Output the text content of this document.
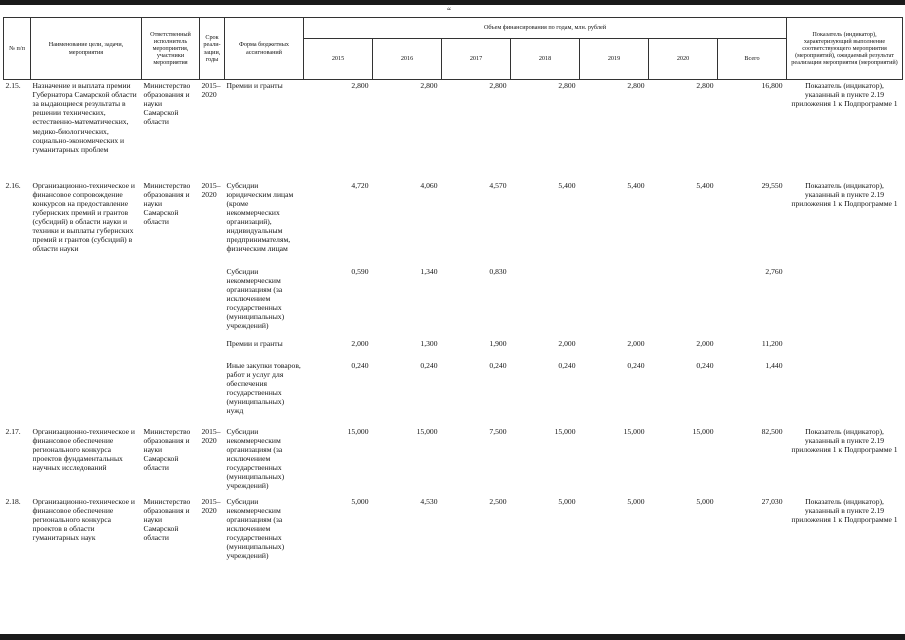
“
№ п/п	Наименование цели, задачи, мероприятия	Ответственный исполнитель мероприятия, участники мероприятия	Срок реали-зации, годы	Форма бюджетных ассигнований	Объем финансирования по годам, млн. рублей							Показатель (индикатор), характеризующий выполнение соответствующего мероприятия (мероприятий), ожидаемый результат реализации мероприятия (мероприятий)
					2015	2016	2017	2018	2019	2020	Всего	
2.15.	Назначение и выплата премии Губернатора Самарской области за выдающиеся результаты в решении технических, естественно-математических, медико-биологических, социально-экономических и гуманитарных проблем	Министерство образования и науки Самарской области	2015–2020	Премии и гранты	2,800	2,800	2,800	2,800	2,800	2,800	16,800	Показатель (индикатор), указанный в пункте 2.19 приложения 1 к Подпрограмме 1
2.16.	Организационно-техническое и финансовое сопровождение конкурсов на предоставление губернских премий и грантов (субсидий) в области науки и техники и выплаты губернских премий и грантов (субсидий) в области науки	Министерство образования и науки Самарской области	2015–2020	Субсидии юридическим лицам (кроме некоммерческих организаций), индивидуальным предпринимателям, физическим лицам	4,720	4,060	4,570	5,400	5,400	5,400	29,550	Показатель (индикатор), указанный в пункте 2.19 приложения 1 к Подпрограмме 1
				Субсидии некоммерческим организациям (за исключением государственных (муниципальных) учреждений)	0,590	1,340	0,830				2,760	
				Премии и гранты	2,000	1,300	1,900	2,000	2,000	2,000	11,200	
				Иные закупки товаров, работ и услуг для обеспечения государственных (муниципальных) нужд	0,240	0,240	0,240	0,240	0,240	0,240	1,440	
2.17.	Организационно-техническое и финансовое обеспечение регионального конкурса проектов фундаментальных научных исследований	Министерство образования и науки Самарской области	2015–2020	Субсидии некоммерческим организациям (за исключением государственных (муниципальных) учреждений)	15,000	15,000	7,500	15,000	15,000	15,000	82,500	Показатель (индикатор), указанный в пункте 2.19 приложения 1 к Подпрограмме 1
2.18.	Организационно-техническое и финансовое обеспечение регионального конкурса проектов в области гуманитарных наук	Министерство образования и науки Самарской области	2015–2020	Субсидии некоммерческим организациям (за исключением государственных (муниципальных) учреждений)	5,000	4,530	2,500	5,000	5,000	5,000	27,030	Показатель (индикатор), указанный в пункте 2.19 приложения 1 к Подпрограмме 1
